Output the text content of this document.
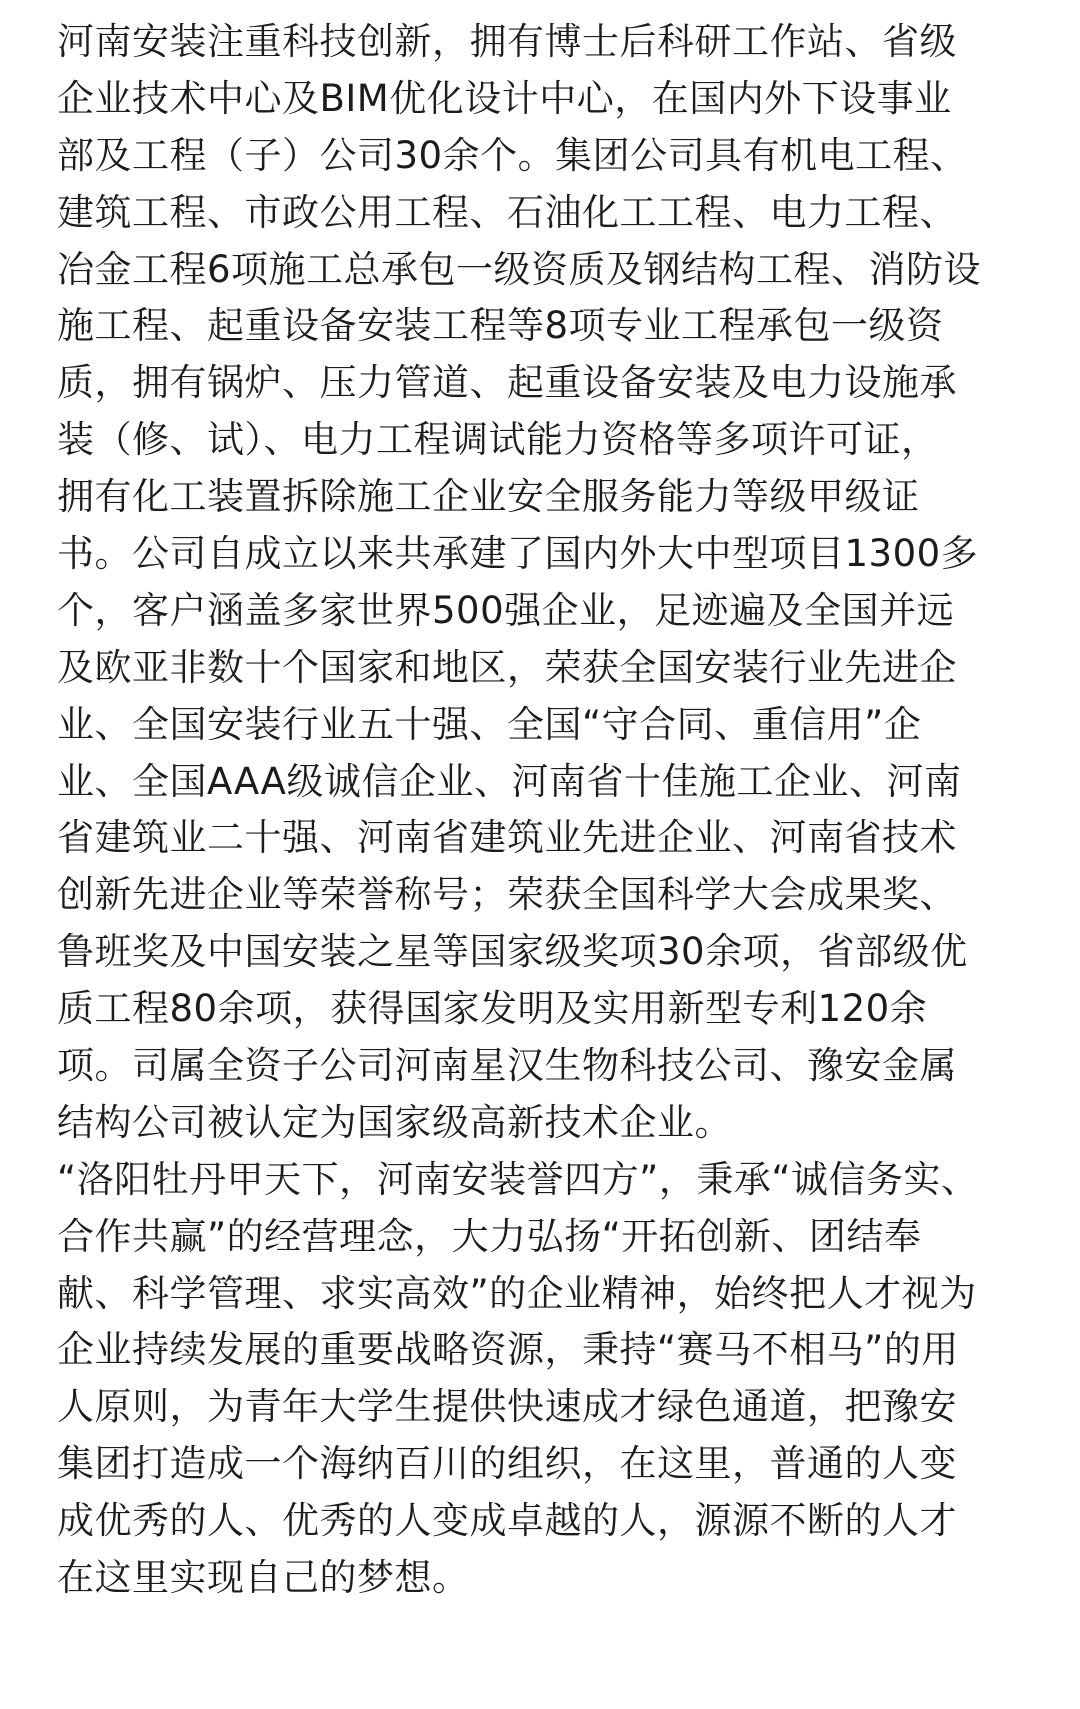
河南安装注重科技创新，拥有博士后科研工作站、省级
企业技术中心及BIM优化设计中心，在国内外下设事业
部及工程（子）公司30余个。集团公司具有机电工程、
建筑工程、市政公用工程、石油化工工程、电力工程、
冶金工程6项施工总承包一级资质及钢结构工程、消防设
施工程、起重设备安装工程等8项专业工程承包一级资
质，拥有锅炉、压力管道、起重设备安装及电力设施承
装（修、试）、电力工程调试能力资格等多项许可证，
拥有化工装置拆除施工企业安全服务能力等级甲级证
书。公司自成立以来共承建了国内外大中型项目1300多
个，客户涵盖多家世界500强企业，足迹遍及全国并远
及欧亚非数十个国家和地区，荣获全国安装行业先进企
业、全国安装行业五十强、全国“守合同、重信用”企
业、全国AAA级诚信企业、河南省十佳施工企业、河南
省建筑业二十强、河南省建筑业先进企业、河南省技术
创新先进企业等荣誉称号；荣获全国科学大会成果奖、
鲁班奖及中国安装之星等国家级奖项30余项，省部级优
质工程80余项，获得国家发明及实用新型专利120余
项。司属全资子公司河南星汉生物科技公司、豫安金属
结构公司被认定为国家级高新技术企业。
“洛阳牡丹甲天下，河南安装誉四方”，秉承“诚信务实、
合作共赢”的经营理念，大力弘扬“开拓创新、团结奉
献、科学管理、求实高效”的企业精神，始终把人才视为
企业持续发展的重要战略资源，秉持“赛马不相马”的用
人原则，为青年大学生提供快速成才绿色通道，把豫安
集团打造成一个海纳百川的组织，在这里，普通的人变
成优秀的人、优秀的人变成卓越的人，源源不断的人才
在这里实现自己的梦想。
